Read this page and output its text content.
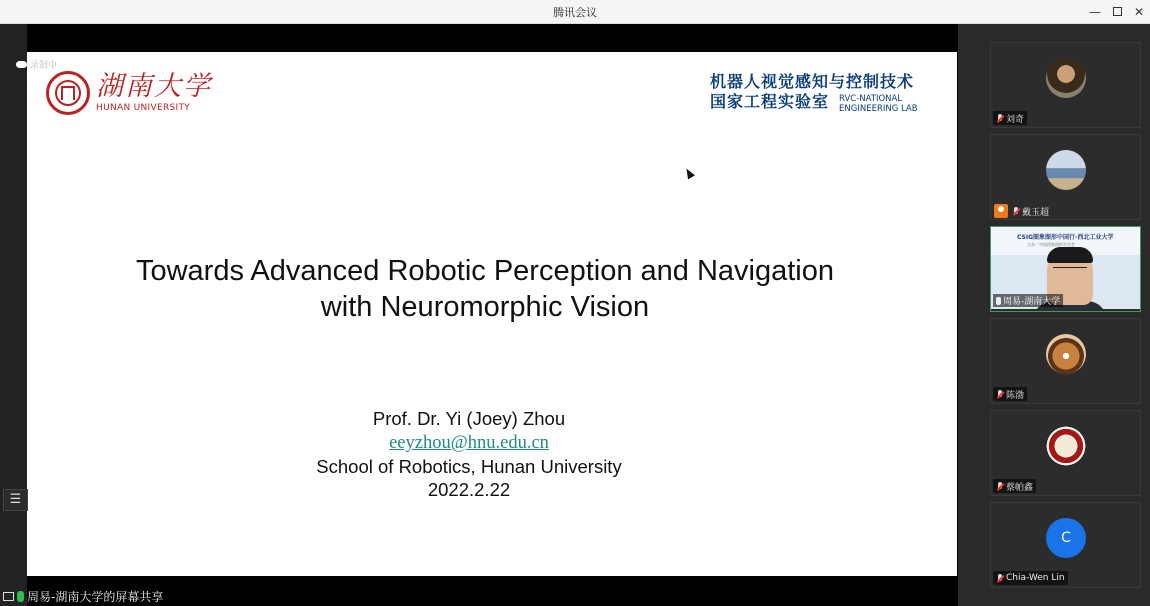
腾讯会议	—	✕
录制中
湖南大学
HUNAN UNIVERSITY
机器人视觉感知与控制技术
国家工程实验室 RVC-NATIONAL
ENGINEERING LAB
Towards Advanced Robotic Perception and Navigation
with Neuromorphic Vision
Prof. Dr. Yi (Joey) Zhou
eeyzhou@hnu.edu.cn
School of Robotics, Hunan University
2022.2.22
☰
周易-湖南大学的屏幕共享
刘奇
戴玉超
CSIG图象图形中国行-西北工业大学
主办：中国图象图形学学会
周易-湖南大学
陈渤
蔡帕鑫
C
Chia-Wen Lin
